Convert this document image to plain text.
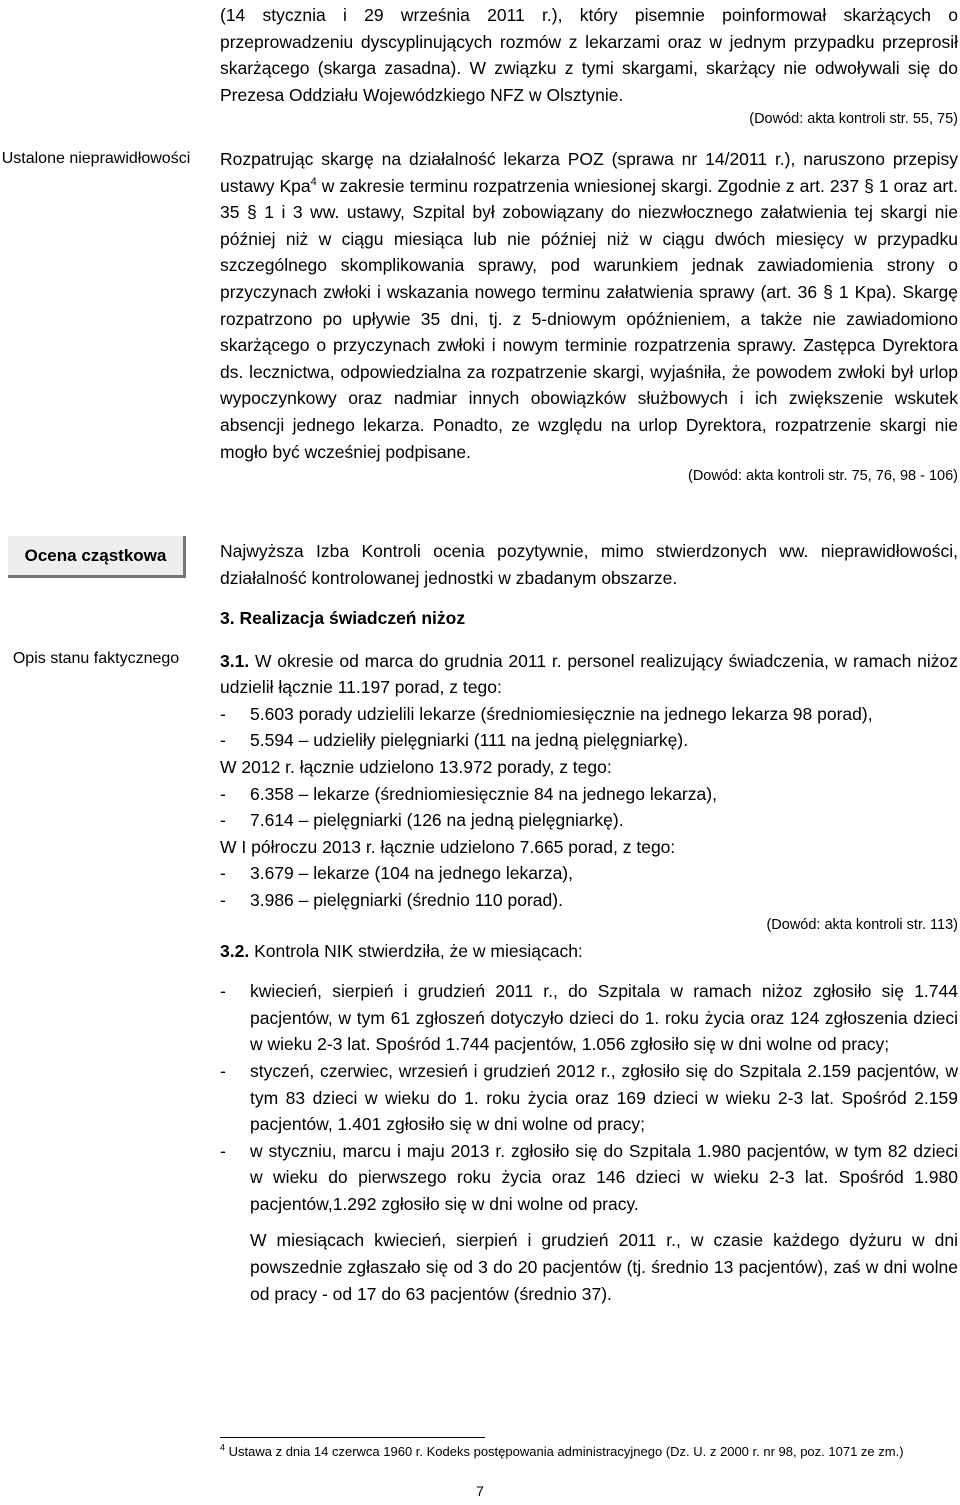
Ustalone nieprawidłowości
Ocena cząstkowa
Opis stanu faktycznego

(14 stycznia i 29 września 2011 r.), który pisemnie poinformował skarżących o przeprowadzeniu dyscyplinujących rozmów z lekarzami oraz w jednym przypadku przeprosił skarżącego (skarga zasadna). W związku z tymi skargami, skarżący nie odwoływali się do Prezesa Oddziału Wojewódzkiego NFZ w Olsztynie.

(Dowód: akta kontroli str. 55, 75)

Rozpatrując skargę na działalność lekarza POZ (sprawa nr 14/2011 r.), naruszono przepisy ustawy Kpa$^4$ w zakresie terminu rozpatrzenia wniesionej skargi. Zgodnie z art. 237 § 1 oraz art. 35 § 1 i 3 ww. ustawy, Szpital był zobowiązany do niezwłocznego załatwienia tej skargi nie później niż w ciągu miesiąca lub nie później niż w ciągu dwóch miesięcy w przypadku szczególnego skomplikowania sprawy, pod warunkiem jednak zawiadomienia strony o przyczynach zwłoki i wskazania nowego terminu załatwienia sprawy (art. 36 § 1 Kpa). Skargę rozpatrzono po upływie 35 dni, tj. z 5-dniowym opóźnieniem, a także nie zawiadomiono skarżącego o przyczynach zwłoki i nowym terminie rozpatrzenia sprawy. Zastępca Dyrektora ds. lecznictwa, odpowiedzialna za rozpatrzenie skargi, wyjaśniła, że powodem zwłoki był urlop wypoczynkowy oraz nadmiar innych obowiązków służbowych i ich zwiększenie wskutek absencji jednego lekarza. Ponadto, ze względu na urlop Dyrektora, rozpatrzenie skargi nie mogło być wcześniej podpisane.

(Dowód: akta kontroli str. 75, 76, 98 - 106)

Najwyższa Izba Kontroli ocenia pozytywnie, mimo stwierdzonych ww. nieprawidłowości, działalność kontrolowanej jednostki w zbadanym obszarze.

3. Realizacja świadczeń niżoz

3.1. W okresie od marca do grudnia 2011 r. personel realizujący świadczenia, w ramach niżoz udzielił łącznie 11.197 porad, z tego:

- 5.603 porady udzielili lekarze (średniomiesięcznie na jednego lekarza 98 porad),

- 5.594 – udzieliły pielęgniarki (111 na jedną pielęgniarkę).

W 2012 r. łącznie udzielono 13.972 porady, z tego:

- 6.358 – lekarze (średniomiesięcznie 84 na jednego lekarza),

- 7.614 – pielęgniarki (126 na jedną pielęgniarkę).

W I półroczu 2013 r. łącznie udzielono 7.665 porad, z tego:

- 3.679 – lekarze (104 na jednego lekarza),

- 3.986 – pielęgniarki (średnio 110 porad).

(Dowód: akta kontroli str. 113)

3.2. Kontrola NIK stwierdziła, że w miesiącach:

- kwiecień, sierpień i grudzień 2011 r., do Szpitala w ramach niżoz zgłosiło się 1.744 pacjentów, w tym 61 zgłoszeń dotyczyło dzieci do 1. roku życia oraz 124 zgłoszenia dzieci w wieku 2-3 lat. Spośród 1.744 pacjentów, 1.056 zgłosiło się w dni wolne od pracy;

- styczeń, czerwiec, wrzesień i grudzień 2012 r., zgłosiło się do Szpitala 2.159 pacjentów, w tym 83 dzieci w wieku do 1. roku życia oraz 169 dzieci w wieku 2-3 lat. Spośród 2.159 pacjentów, 1.401 zgłosiło się w dni wolne od pracy;

- w styczniu, marcu i maju 2013 r. zgłosiło się do Szpitala 1.980 pacjentów, w tym 82 dzieci w wieku do pierwszego roku życia oraz 146 dzieci w wieku 2-3 lat. Spośród 1.980 pacjentów,1.292 zgłosiło się w dni wolne od pracy.

W miesiącach kwiecień, sierpień i grudzień 2011 r., w czasie każdego dyżuru w dni powszednie zgłaszało się od 3 do 20 pacjentów (tj. średnio 13 pacjentów), zaś w dni wolne od pracy - od 17 do 63 pacjentów (średnio 37).

$^4$ Ustawa z dnia 14 czerwca 1960 r. Kodeks postępowania administracyjnego (Dz. U. z 2000 r. nr 98, poz. 1071 ze zm.)
7
